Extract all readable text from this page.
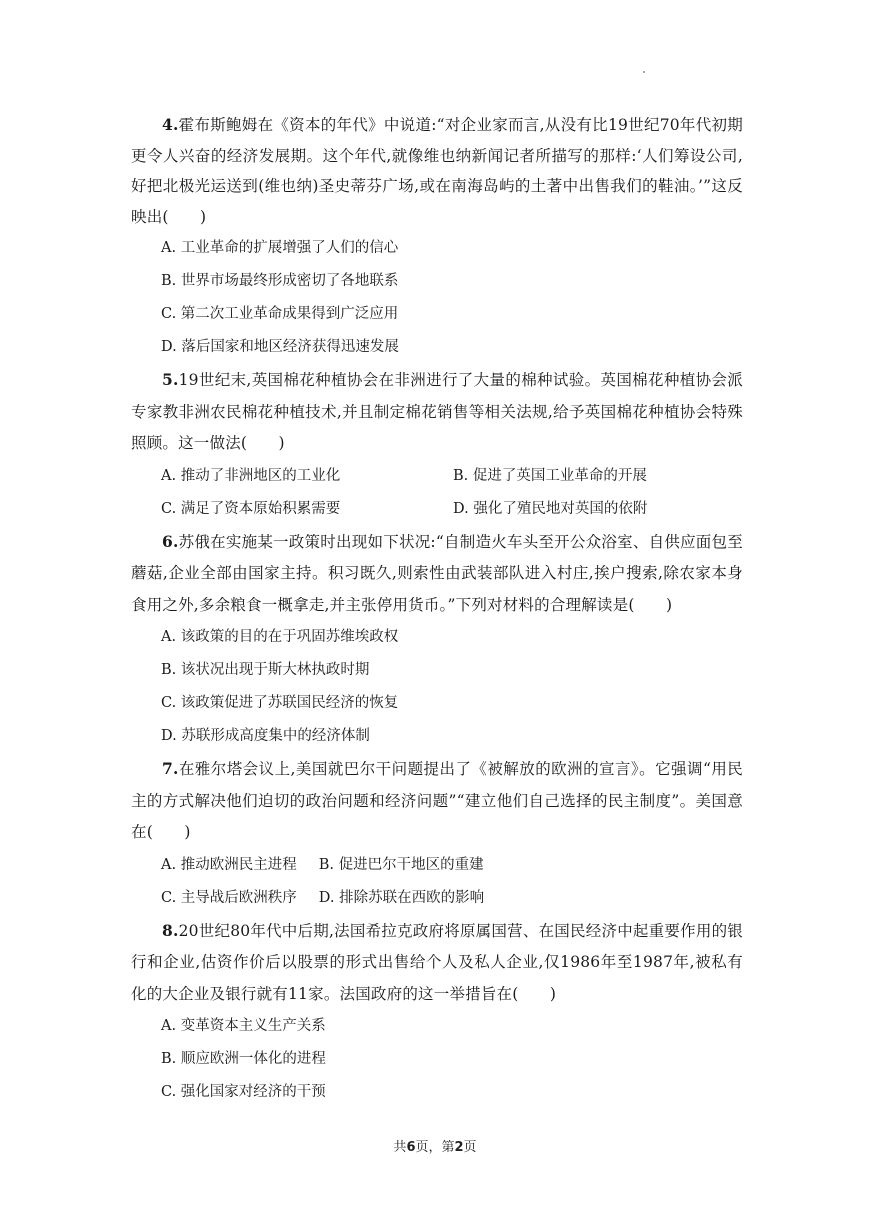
4.霍布斯鲍姆在《资本的年代》中说道:“对企业家而言,从没有比19世纪70年代初期更令人兴奋的经济发展期。这个年代,就像维也纳新闻记者所描写的那样:‘人们筹设公司,好把北极光运送到(维也纳)圣史蒂芬广场,或在南海岛屿的土著中出售我们的鞋油。’”这反映出(　　)

A. 工业革命的扩展增强了人们的信心

B. 世界市场最终形成密切了各地联系

C. 第二次工业革命成果得到广泛应用

D. 落后国家和地区经济获得迅速发展

5.19世纪末,英国棉花种植协会在非洲进行了大量的棉种试验。英国棉花种植协会派专家教非洲农民棉花种植技术,并且制定棉花销售等相关法规,给予英国棉花种植协会特殊照顾。这一做法(　　)

A. 推动了非洲地区的工业化	B. 促进了英国工业革命的开展

C. 满足了资本原始积累需要	D. 强化了殖民地对英国的依附

6.苏俄在实施某一政策时出现如下状况:“自制造火车头至开公众浴室、自供应面包至蘑菇,企业全部由国家主持。积习既久,则索性由武装部队进入村庄,挨户搜索,除农家本身食用之外,多余粮食一概拿走,并主张停用货币。”下列对材料的合理解读是(　　)

A. 该政策的目的在于巩固苏维埃政权

B. 该状况出现于斯大林执政时期

C. 该政策促进了苏联国民经济的恢复

D. 苏联形成高度集中的经济体制

7.在雅尔塔会议上,美国就巴尔干问题提出了《被解放的欧洲的宣言》。它强调“用民主的方式解决他们迫切的政治问题和经济问题”“建立他们自己选择的民主制度”。美国意在(　　)

A. 推动欧洲民主进程 B. 促进巴尔干地区的重建

C. 主导战后欧洲秩序 D. 排除苏联在西欧的影响

8.20世纪80年代中后期,法国希拉克政府将原属国营、在国民经济中起重要作用的银行和企业,估资作价后以股票的形式出售给个人及私人企业,仅1986年至1987年,被私有化的大企业及银行就有11家。法国政府的这一举措旨在(　　)

A. 变革资本主义生产关系

B. 顺应欧洲一体化的进程

C. 强化国家对经济的干预

共6页，第2页
